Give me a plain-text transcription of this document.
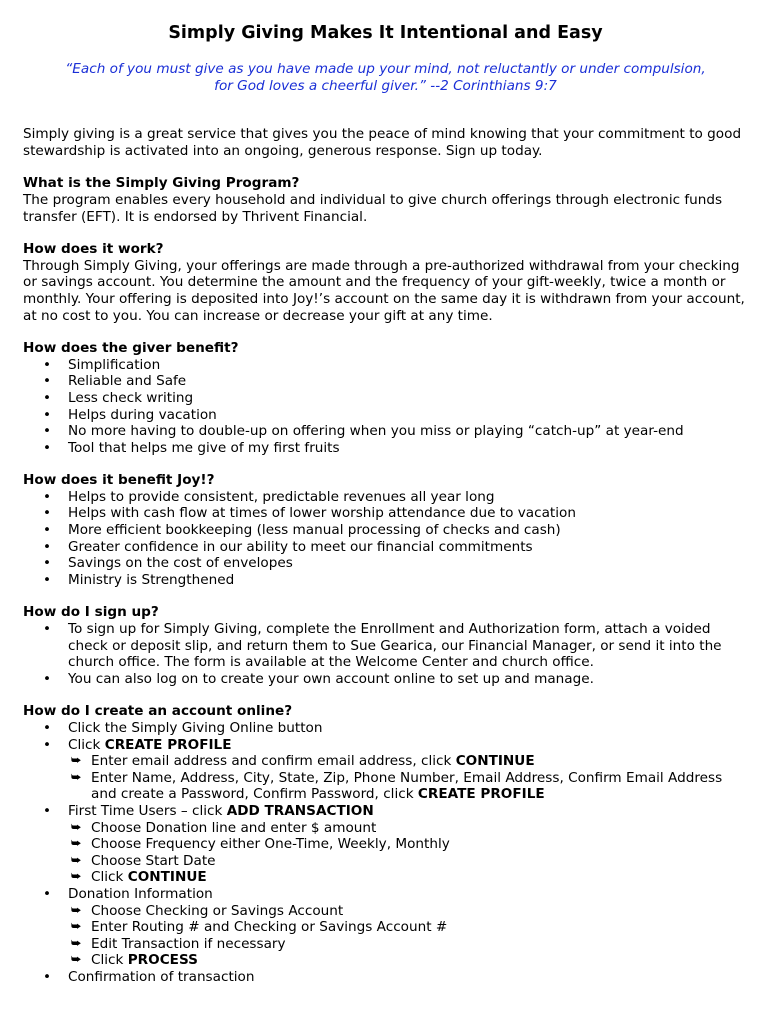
Simply Giving Makes It Intentional and Easy
“Each of you must give as you have made up your mind, not reluctantly or under compulsion,
for God loves a cheerful giver.” --2 Corinthians 9:7

Simply giving is a great service that gives you the peace of mind knowing that your commitment to good stewardship is activated into an ongoing, generous response. Sign up today.

What is the Simply Giving Program?

The program enables every household and individual to give church offerings through electronic funds transfer (EFT). It is endorsed by Thrivent Financial.

How does it work?

Through Simply Giving, your offerings are made through a pre-authorized withdrawal from your checking or savings account. You determine the amount and the frequency of your gift-weekly, twice a month or monthly. Your offering is deposited into Joy!’s account on the same day it is withdrawn from your account, at no cost to you. You can increase or decrease your gift at any time.

How does the giver benefit?

• Simplification
• Reliable and Safe
• Less check writing
• Helps during vacation
• No more having to double-up on offering when you miss or playing “catch-up” at year-end
• Tool that helps me give of my first fruits

How does it benefit Joy!?

• Helps to provide consistent, predictable revenues all year long
• Helps with cash flow at times of lower worship attendance due to vacation
• More efficient bookkeeping (less manual processing of checks and cash)
• Greater confidence in our ability to meet our financial commitments
• Savings on the cost of envelopes
• Ministry is Strengthened

How do I sign up?

• To sign up for Simply Giving, complete the Enrollment and Authorization form, attach a voided check or deposit slip, and return them to Sue Gearica, our Financial Manager, or send it into the church office. The form is available at the Welcome Center and church office.
• You can also log on to create your own account online to set up and manage.

How do I create an account online?

• Click the Simply Giving Online button
• Click CREATE PROFILE
⮩ Enter email address and confirm email address, click CONTINUE
⮩ Enter Name, Address, City, State, Zip, Phone Number, Email Address, Confirm Email Address and create a Password, Confirm Password, click CREATE PROFILE
• First Time Users – click ADD TRANSACTION
⮩ Choose Donation line and enter $ amount
⮩ Choose Frequency either One-Time, Weekly, Monthly
⮩ Choose Start Date
⮩ Click CONTINUE
• Donation Information
⮩ Choose Checking or Savings Account
⮩ Enter Routing # and Checking or Savings Account #
⮩ Edit Transaction if necessary
⮩ Click PROCESS
• Confirmation of transaction
